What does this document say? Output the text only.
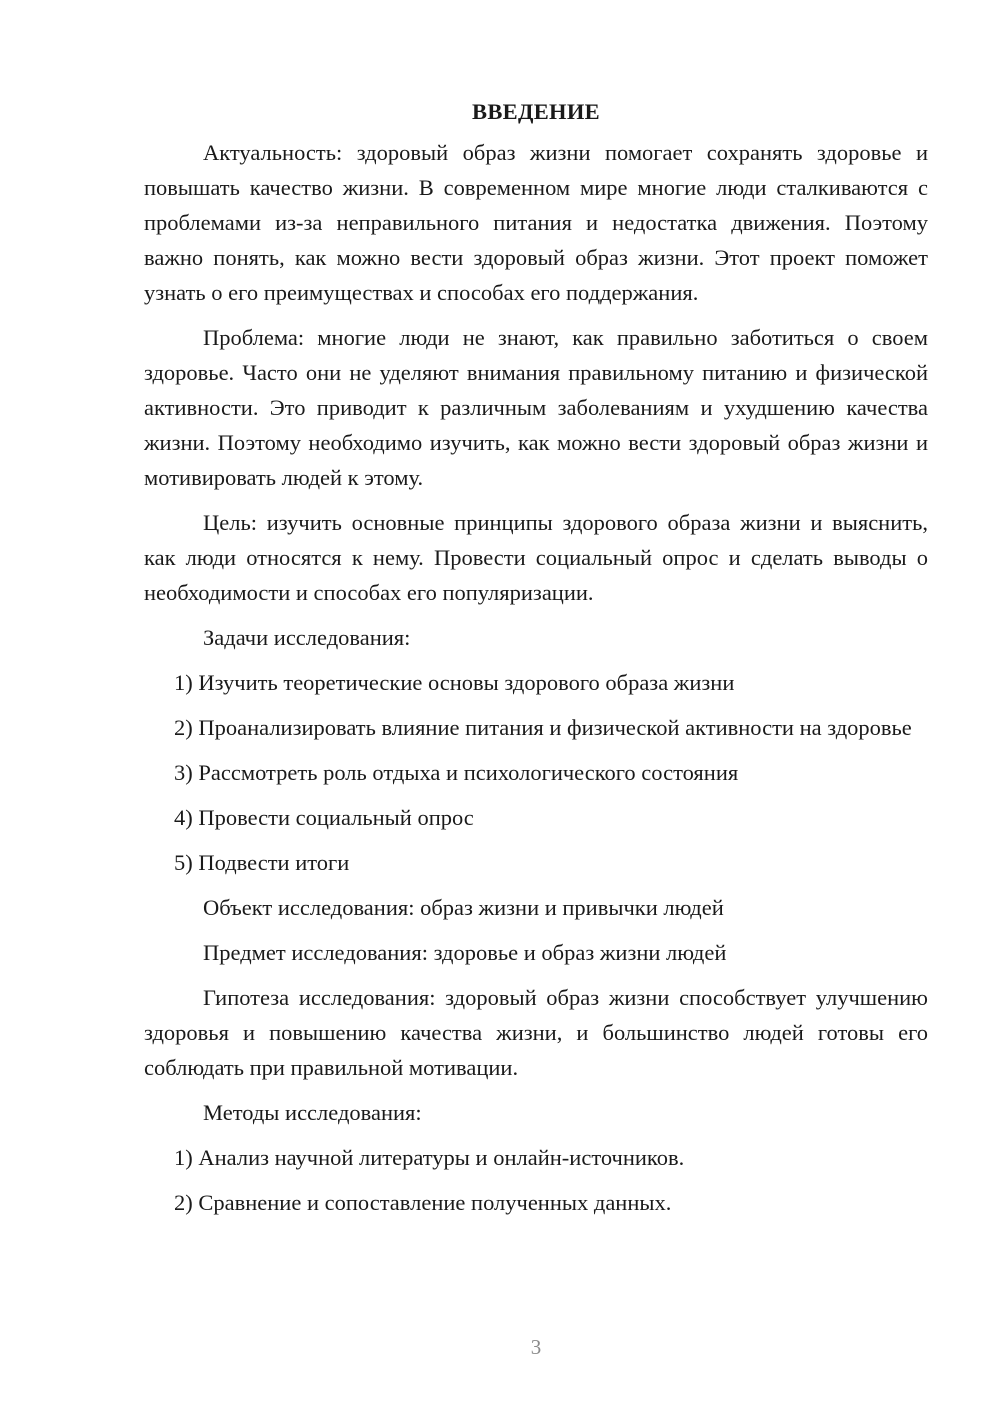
ВВЕДЕНИЕ

Актуальность: здоровый образ жизни помогает сохранять здоровье и повышать качество жизни. В современном мире многие люди сталкиваются с проблемами из-за неправильного питания и недостатка движения. Поэтому важно понять, как можно вести здоровый образ жизни. Этот проект поможет узнать о его преимуществах и способах его поддержания.

Проблема: многие люди не знают, как правильно заботиться о своем здоровье. Часто они не уделяют внимания правильному питанию и физической активности. Это приводит к различным заболеваниям и ухудшению качества жизни. Поэтому необходимо изучить, как можно вести здоровый образ жизни и мотивировать людей к этому.

Цель: изучить основные принципы здорового образа жизни и выяснить, как люди относятся к нему. Провести социальный опрос и сделать выводы о необходимости и способах его популяризации.

Задачи исследования:

1) Изучить теоретические основы здорового образа жизни

2) Проанализировать влияние питания и физической активности на здоровье

3) Рассмотреть роль отдыха и психологического состояния

4) Провести социальный опрос

5) Подвести итоги

Объект исследования: образ жизни и привычки людей

Предмет исследования: здоровье и образ жизни людей

Гипотеза исследования: здоровый образ жизни способствует улучшению здоровья и повышению качества жизни, и большинство людей готовы его соблюдать при правильной мотивации.

Методы исследования:

1) Анализ научной литературы и онлайн-источников.

2) Сравнение и сопоставление полученных данных.

3
